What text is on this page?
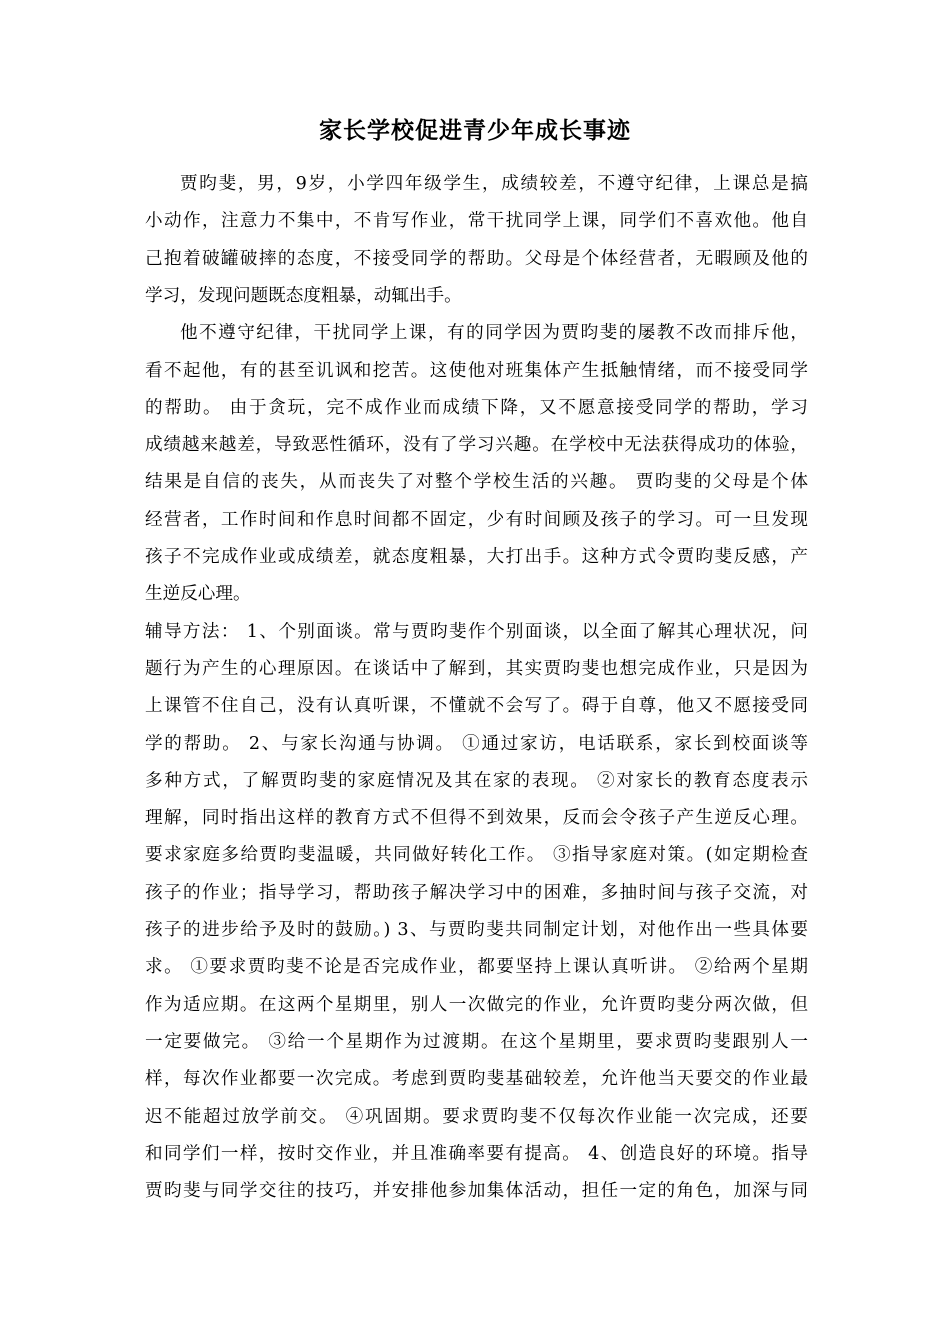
家长学校促进青少年成长事迹
贾昀斐，男，9岁，小学四年级学生，成绩较差，不遵守纪律，上课总是搞
小动作，注意力不集中，不肯写作业，常干扰同学上课，同学们不喜欢他。他自
己抱着破罐破摔的态度，不接受同学的帮助。父母是个体经营者，无暇顾及他的
学习，发现问题既态度粗暴，动辄出手。
他不遵守纪律，干扰同学上课，有的同学因为贾昀斐的屡教不改而排斥他，
看不起他，有的甚至讥讽和挖苦。这使他对班集体产生抵触情绪，而不接受同学
的帮助。 由于贪玩，完不成作业而成绩下降，又不愿意接受同学的帮助，学习
成绩越来越差，导致恶性循环，没有了学习兴趣。在学校中无法获得成功的体验，
结果是自信的丧失，从而丧失了对整个学校生活的兴趣。 贾昀斐的父母是个体
经营者，工作时间和作息时间都不固定，少有时间顾及孩子的学习。可一旦发现
孩子不完成作业或成绩差，就态度粗暴，大打出手。这种方式令贾昀斐反感，产
生逆反心理。
辅导方法： 1、个别面谈。常与贾昀斐作个别面谈，以全面了解其心理状况，问
题行为产生的心理原因。在谈话中了解到，其实贾昀斐也想完成作业，只是因为
上课管不住自己，没有认真听课，不懂就不会写了。碍于自尊，他又不愿接受同
学的帮助。 2、与家长沟通与协调。 ①通过家访，电话联系，家长到校面谈等
多种方式，了解贾昀斐的家庭情况及其在家的表现。 ②对家长的教育态度表示
理解，同时指出这样的教育方式不但得不到效果，反而会令孩子产生逆反心理。
要求家庭多给贾昀斐温暖，共同做好转化工作。 ③指导家庭对策。(如定期检查
孩子的作业；指导学习，帮助孩子解决学习中的困难，多抽时间与孩子交流，对
孩子的进步给予及时的鼓励。) 3、与贾昀斐共同制定计划，对他作出一些具体要
求。 ①要求贾昀斐不论是否完成作业，都要坚持上课认真听讲。 ②给两个星期
作为适应期。在这两个星期里，别人一次做完的作业，允许贾昀斐分两次做，但
一定要做完。 ③给一个星期作为过渡期。在这个星期里，要求贾昀斐跟别人一
样，每次作业都要一次完成。考虑到贾昀斐基础较差，允许他当天要交的作业最
迟不能超过放学前交。 ④巩固期。要求贾昀斐不仅每次作业能一次完成，还要
和同学们一样，按时交作业，并且准确率要有提高。 4、创造良好的环境。指导
贾昀斐与同学交往的技巧，并安排他参加集体活动，担任一定的角色，加深与同
